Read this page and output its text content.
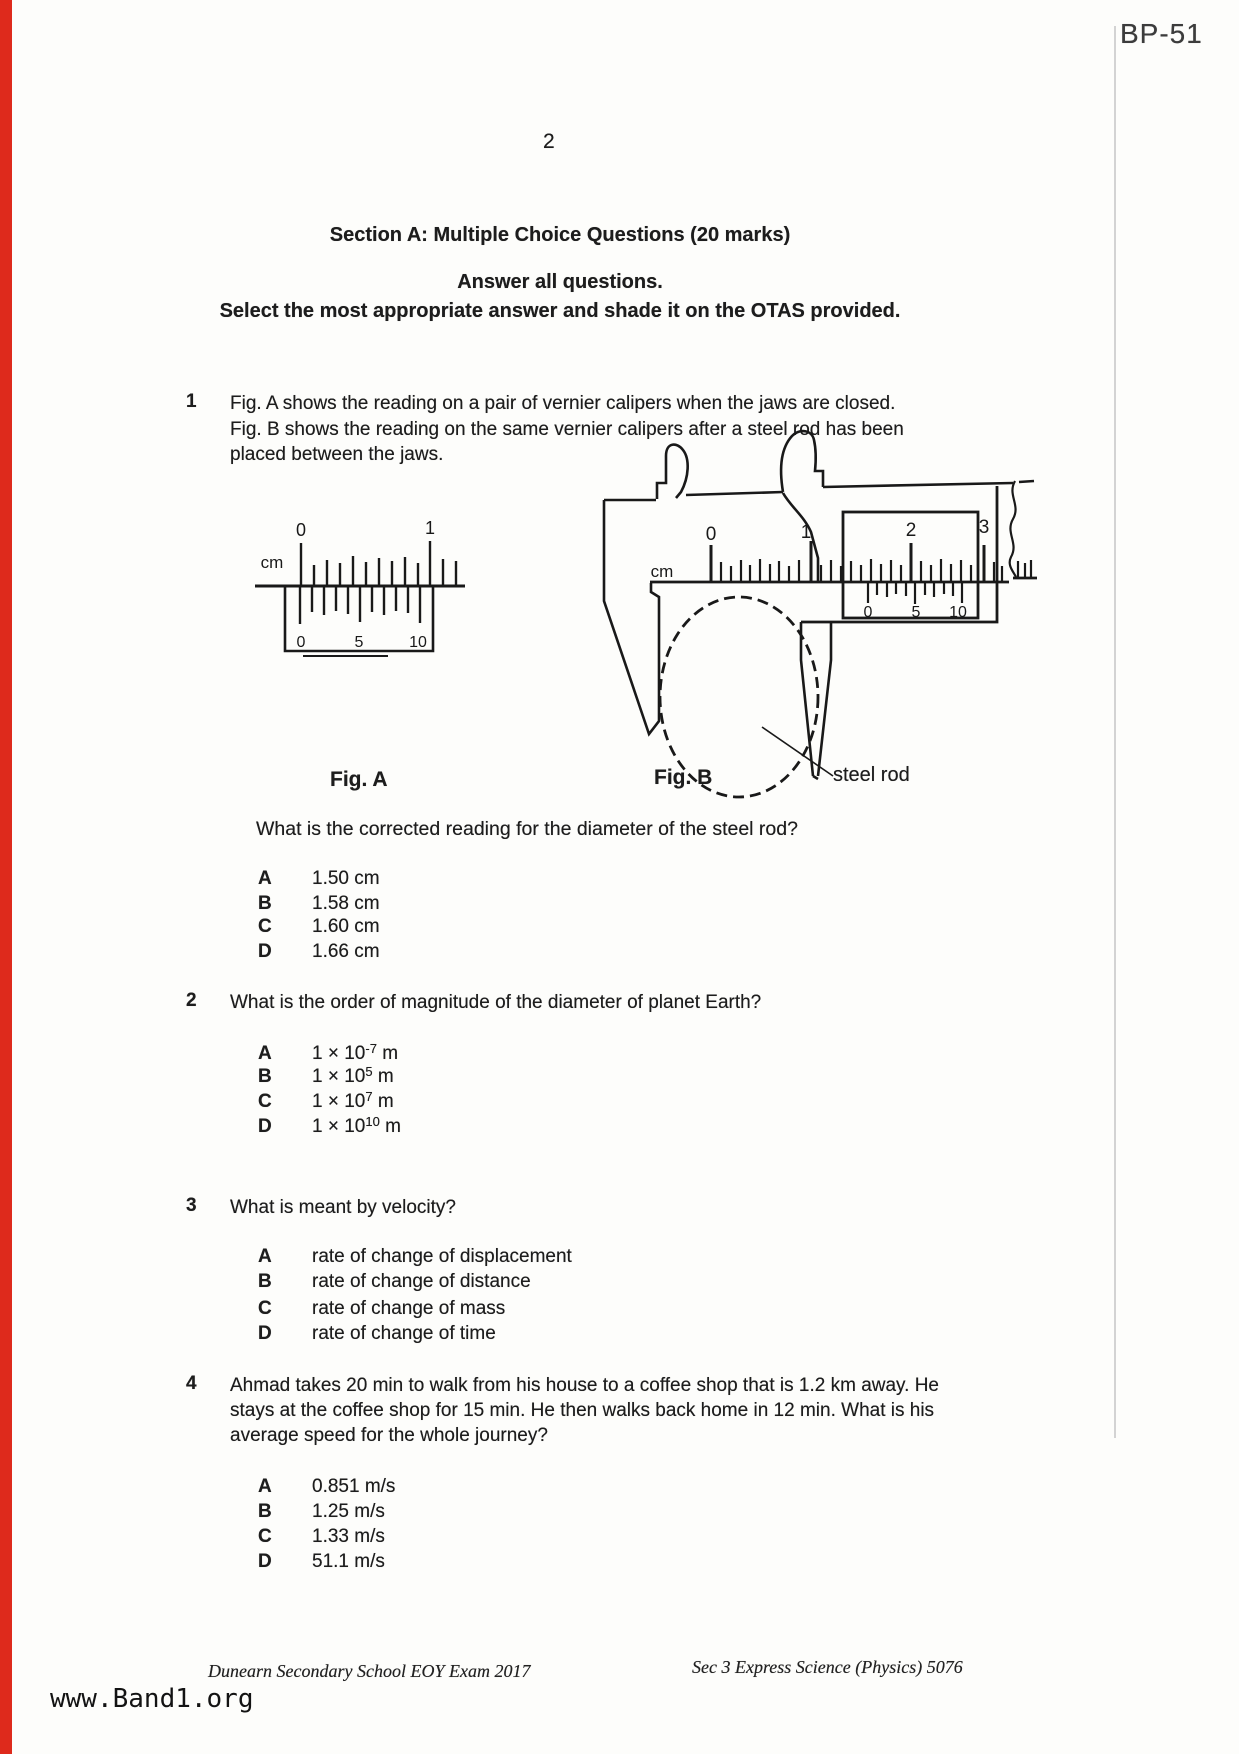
BP-51
2
Section A: Multiple Choice Questions (20 marks)
Answer all questions.
Select the most appropriate answer and shade it on the OTAS provided.
1 Fig. A shows the reading on a pair of vernier calipers when the jaws are closed.
Fig. B shows the reading on the same vernier calipers after a steel rod has been
placed between the jaws.
cm
0	1
0	5	10
cm
0	1	2	3
0 5 10
Fig. A	Fig. B	steel rod
What is the corrected reading for the diameter of the steel rod?
A	1.50 cm
B	1.58 cm
C	1.60 cm
D	1.66 cm
2 What is the order of magnitude of the diameter of planet Earth?
A	$1 \times 10^{-7}$ m
B	$1 \times 10^5$ m
C	$1 \times 10^7$ m
D	$1 \times 10^{10}$ m
3 What is meant by velocity?
A	rate of change of displacement
B	rate of change of distance
C	rate of change of mass
D	rate of change of time
4 Ahmad takes 20 min to walk from his house to a coffee shop that is 1.2 km away. He
stays at the coffee shop for 15 min. He then walks back home in 12 min. What is his
average speed for the whole journey?
A	0.851 m/s
B	1.25 m/s
C	1.33 m/s
D	51.1 m/s
Dunearn Secondary School EOY Exam 2017	Sec 3 Express Science (Physics) 5076
www.Band1.org
